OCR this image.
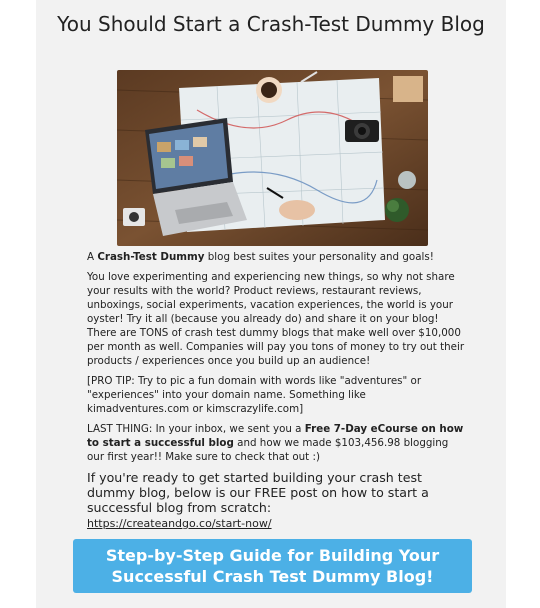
You Should Start a Crash-Test Dummy Blog

A Crash-Test Dummy blog best suites your personality and goals!

You love experimenting and experiencing new things, so why not share your results with the world? Product reviews, restaurant reviews, unboxings, social experiments, vacation experiences, the world is your oyster! Try it all (because you already do) and share it on your blog! There are TONS of crash test dummy blogs that make well over $10,000 per month as well. Companies will pay you tons of money to try out their products / experiences once you build up an audience!

[PRO TIP: Try to pic a fun domain with words like "adventures" or "experiences" into your domain name. Something like kimadventures.com or kimscrazylife.com]

LAST THING: In your inbox, we sent you a Free 7-Day eCourse on how to start a successful blog and how we made $103,456.98 blogging our first year!! Make sure to check that out :)

If you're ready to get started building your crash test dummy blog, below is our FREE post on how to start a successful blog from scratch:

https://createandgo.co/start-now/
Step-by-Step Guide for Building Your Successful Crash Test Dummy Blog!
